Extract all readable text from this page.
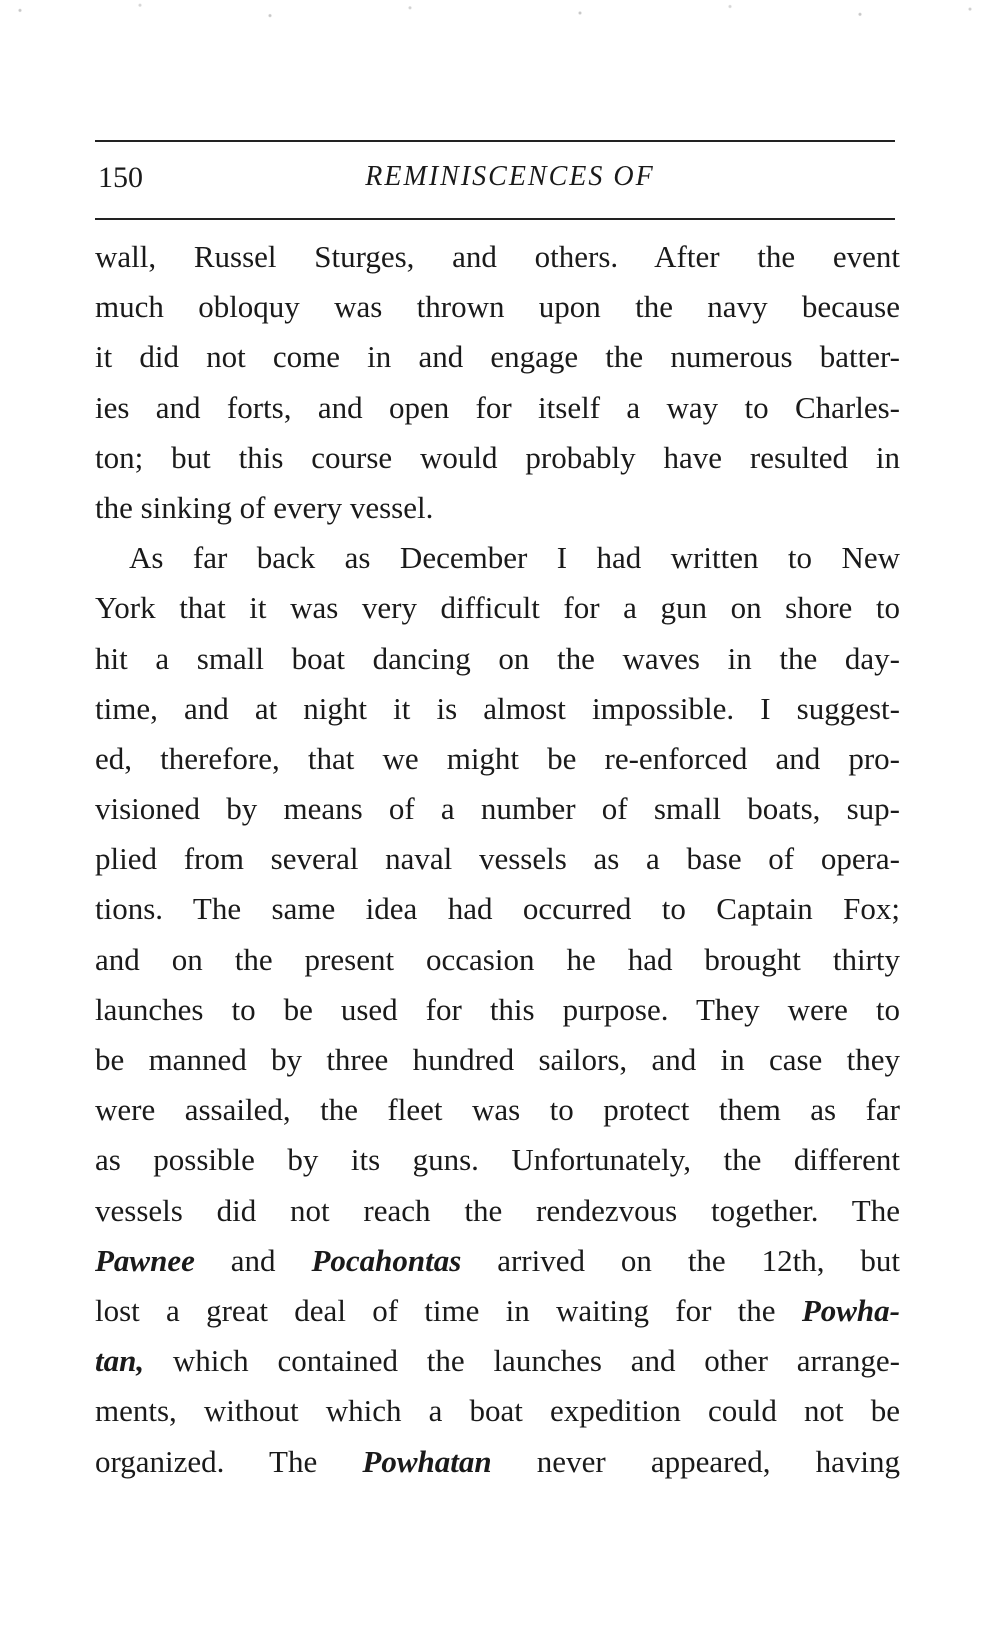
150	REMINISCENCES OF
wall, Russel Sturges, and others. After the event
much obloquy was thrown upon the navy because
it did not come in and engage the numerous batter-
ies and forts, and open for itself a way to Charles-
ton; but this course would probably have resulted in
the sinking of every vessel.
As far back as December I had written to New
York that it was very difficult for a gun on shore to
hit a small boat dancing on the waves in the day-
time, and at night it is almost impossible. I suggest-
ed, therefore, that we might be re-enforced and pro-
visioned by means of a number of small boats, sup-
plied from several naval vessels as a base of opera-
tions. The same idea had occurred to Captain Fox;
and on the present occasion he had brought thirty
launches to be used for this purpose. They were to
be manned by three hundred sailors, and in case they
were assailed, the fleet was to protect them as far
as possible by its guns. Unfortunately, the different
vessels did not reach the rendezvous together. The
Pawnee and Pocahontas arrived on the 12th, but
lost a great deal of time in waiting for the Powha-
tan, which contained the launches and other arrange-
ments, without which a boat expedition could not be
organized. The Powhatan never appeared, having
